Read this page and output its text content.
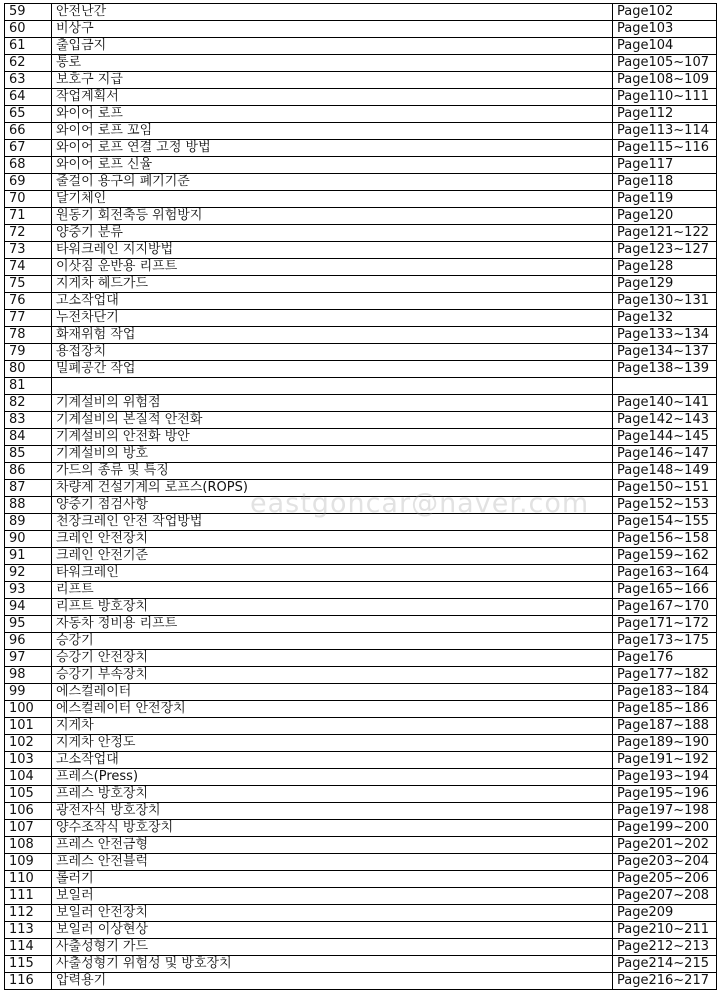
59	안전난간	Page102
60	비상구	Page103
61	출입금지	Page104
62	통로	Page105~107
63	보호구 지급	Page108~109
64	작업계획서	Page110~111
65	와이어 로프	Page112
66	와이어 로프 꼬임	Page113~114
67	와이어 로프 연결 고정 방법	Page115~116
68	와이어 로프 신율	Page117
69	줄걸이 용구의 폐기기준	Page118
70	달기체인	Page119
71	원동기 회전축등 위험방지	Page120
72	양중기 분류	Page121~122
73	타워크레인 지지방법	Page123~127
74	이삿짐 운반용 리프트	Page128
75	지게차 헤드가드	Page129
76	고소작업대	Page130~131
77	누전차단기	Page132
78	화재위험 작업	Page133~134
79	용접장치	Page134~137
80	밀폐공간 작업	Page138~139
81		
82	기계설비의 위험점	Page140~141
83	기계설비의 본질적 안전화	Page142~143
84	기계설비의 안전화 방안	Page144~145
85	기계설비의 방호	Page146~147
86	가드의 종류 및 특징	Page148~149
87	차량계 건설기계의 로프스(ROPS)	Page150~151
88	양중기 점검사항	Page152~153
89	천장크레인 안전 작업방법	Page154~155
90	크레인 안전장치	Page156~158
91	크레인 안전기준	Page159~162
92	타워크레인	Page163~164
93	리프트	Page165~166
94	리프트 방호장치	Page167~170
95	자동차 정비용 리프트	Page171~172
96	승강기	Page173~175
97	승강기 안전장치	Page176
98	승강기 부속장치	Page177~182
99	에스컬레이터	Page183~184
100	에스컬레이터 안전장치	Page185~186
101	지게차	Page187~188
102	지게차 안정도	Page189~190
103	고소작업대	Page191~192
104	프레스(Press)	Page193~194
105	프레스 방호장치	Page195~196
106	광전자식 방호장치	Page197~198
107	양수조작식 방호장치	Page199~200
108	프레스 안전금형	Page201~202
109	프레스 안전블럭	Page203~204
110	롤러기	Page205~206
111	보일러	Page207~208
112	보일러 안전장치	Page209
113	보일러 이상현상	Page210~211
114	사출성형기 가드	Page212~213
115	사출성형기 위험성 및 방호장치	Page214~215
116	압력용기	Page216~217
eastgoncar@naver.com
